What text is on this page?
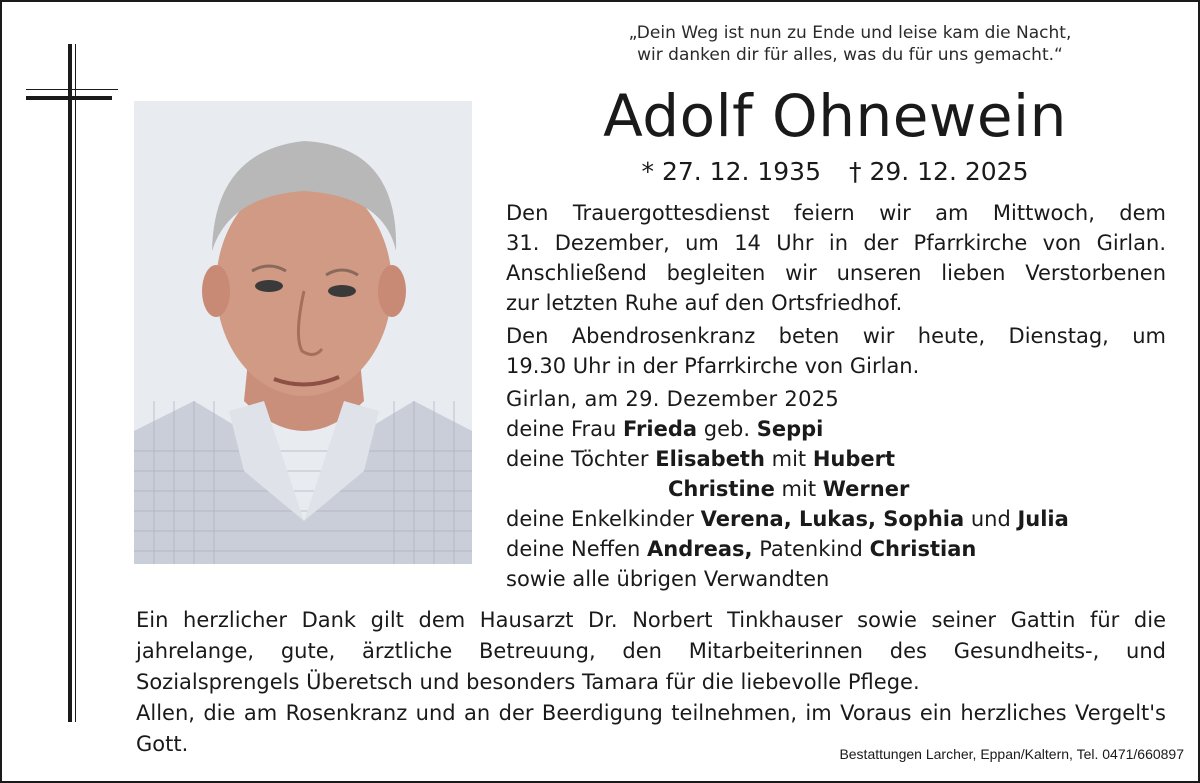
„Dein Weg ist nun zu Ende und leise kam die Nacht,
wir danken dir für alles, was du für uns gemacht.“
Adolf Ohnewein
* 27. 12. 1935 † 29. 12. 2025
Den Trauergottesdienst feiern wir am Mittwoch, dem
31. Dezember, um 14 Uhr in der Pfarrkirche von Girlan.
Anschließend begleiten wir unseren lieben Verstorbenen
zur letzten Ruhe auf den Ortsfriedhof.
Den Abendrosenkranz beten wir heute, Dienstag, um
19.30 Uhr in der Pfarrkirche von Girlan.
Girlan, am 29. Dezember 2025
deine Frau Frieda geb. Seppi
deine Töchter Elisabeth mit Hubert
Christine mit Werner
deine Enkelkinder Verena, Lukas, Sophia und Julia
deine Neffen Andreas, Patenkind Christian
sowie alle übrigen Verwandten
Ein herzlicher Dank gilt dem Hausarzt Dr. Norbert Tinkhauser sowie seiner Gattin für die jahrelange, gute, ärztliche Betreuung, den Mitarbeiterinnen des Gesundheits-, und Sozialsprengels Überetsch und besonders Tamara für die liebevolle Pflege.
Allen, die am Rosenkranz und an der Beerdigung teilnehmen, im Voraus ein herzliches Vergelt's Gott.	Bestattungen Larcher, Eppan/Kaltern, Tel. 0471/660897
